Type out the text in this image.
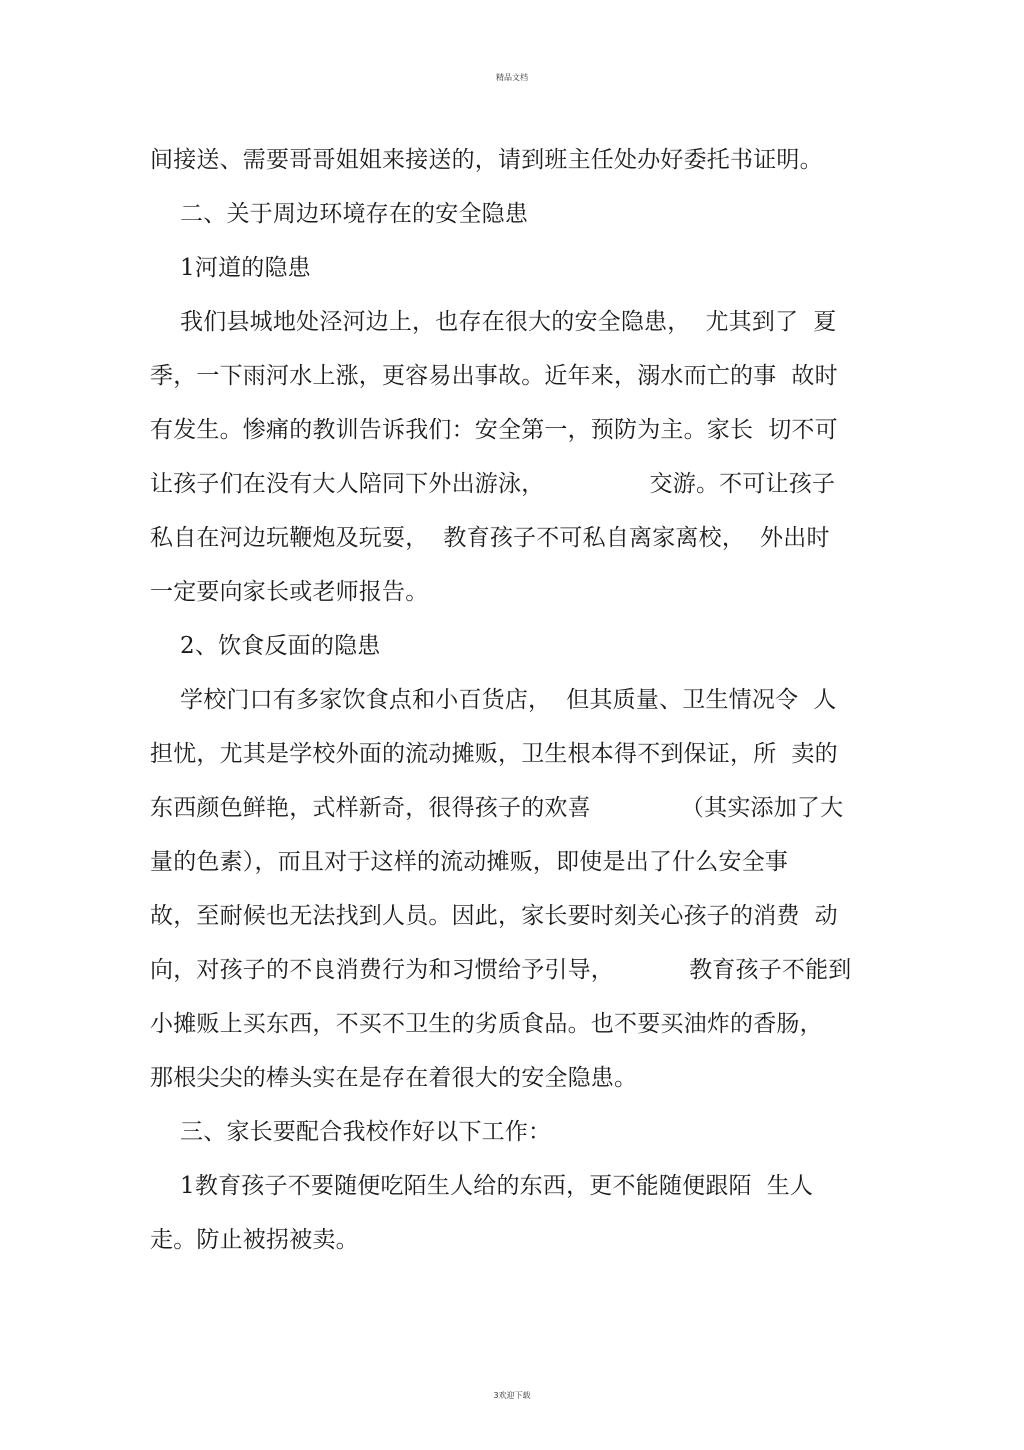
精品文档
间接送、需要哥哥姐姐来接送的，请到班主任处办好委托书证明。
二、关于周边环境存在的安全隐患
1河道的隐患
我们县城地处泾河边上，也存在很大的安全隐患，  尤其到了  夏
季，一下雨河水上涨，更容易出事故。近年来，溺水而亡的事  故时
有发生。惨痛的教训告诉我们：安全第一，预防为主。家长  切不可
让孩子们在没有大人陪同下外出游泳，              交游。不可让孩子
私自在河边玩鞭炮及玩耍，  教育孩子不可私自离家离校，  外出时
一定要向家长或老师报告。
2、饮食反面的隐患
学校门口有多家饮食点和小百货店，  但其质量、卫生情况令  人
担忧，尤其是学校外面的流动摊贩，卫生根本得不到保证，所  卖的
东西颜色鲜艳，式样新奇，很得孩子的欢喜            （其实添加了大
量的色素），而且对于这样的流动摊贩，即使是出了什么安全事
故，至耐候也无法找到人员。因此，家长要时刻关心孩子的消费  动
向，对孩子的不良消费行为和习惯给予引导，          教育孩子不能到
小摊贩上买东西，不买不卫生的劣质食品。也不要买油炸的香肠，
那根尖尖的棒头实在是存在着很大的安全隐患。
三、家长要配合我校作好以下工作：
1教育孩子不要随便吃陌生人给的东西，更不能随便跟陌  生人
走。防止被拐被卖。
3欢迎下载
